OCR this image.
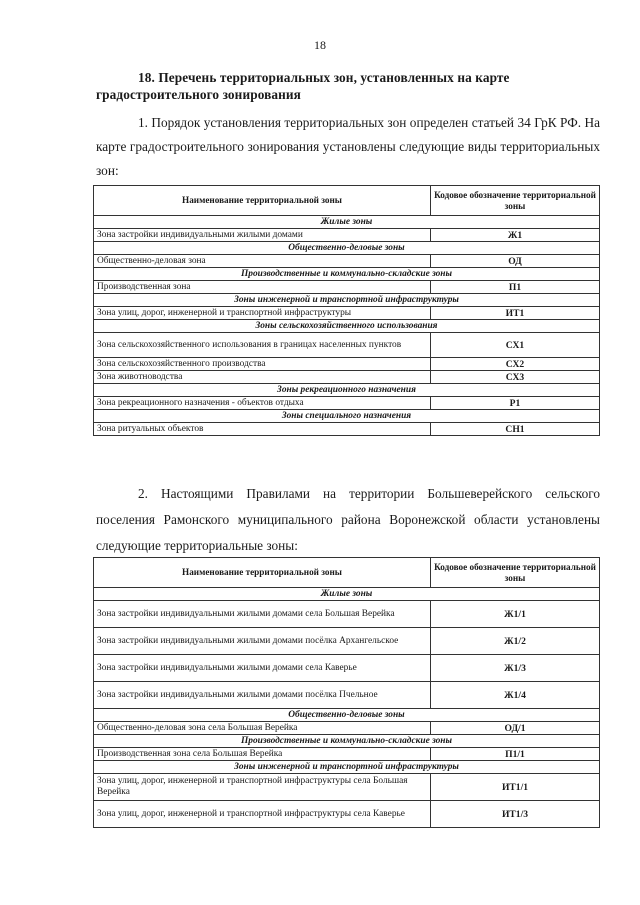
18
18. Перечень территориальных зон, установленных на карте градостроительного зонирования
1. Порядок установления территориальных зон определен статьей 34 ГрК РФ. На карте градостроительного зонирования установлены следующие виды территориальных зон:
Наименование территориальной зоны	Кодовое обозначение территориальной зоны
Жилые зоны	
Зона застройки индивидуальными жилыми домами	Ж1
Общественно-деловые зоны	
Общественно-деловая зона	ОД
Производственные и коммунально-складские зоны	
Производственная зона	П1
Зоны инженерной и транспортной инфраструктуры	
Зона улиц, дорог, инженерной и транспортной инфраструктуры	ИТ1
Зоны сельскохозяйственного использования	
Зона сельскохозяйственного использования в границах населенных пунктов	СХ1
Зона сельскохозяйственного производства	СХ2
Зона животноводства	СХ3
Зоны рекреационного назначения	
Зона рекреационного назначения - объектов отдыха	Р1
Зоны специального назначения	
Зона ритуальных объектов	СН1
2. Настоящими Правилами на территории Большеверейского сельского поселения Рамонского муниципального района Воронежской области установлены следующие территориальные зоны:
Наименование территориальной зоны	Кодовое обозначение территориальной зоны
Жилые зоны	
Зона застройки индивидуальными жилыми домами села Большая Верейка	Ж1/1
Зона застройки индивидуальными жилыми домами посёлка Архангельское	Ж1/2
Зона застройки индивидуальными жилыми домами села Каверье	Ж1/3
Зона застройки индивидуальными жилыми домами посёлка Пчельное	Ж1/4
Общественно-деловые зоны	
Общественно-деловая зона села Большая Верейка	ОД/1
Производственные и коммунально-складские зоны	
Производственная зона села Большая Верейка	П1/1
Зоны инженерной и транспортной инфраструктуры	
Зона улиц, дорог, инженерной и транспортной инфраструктуры села Большая Верейка	ИТ1/1
Зона улиц, дорог, инженерной и транспортной инфраструктуры села Каверье	ИТ1/3
